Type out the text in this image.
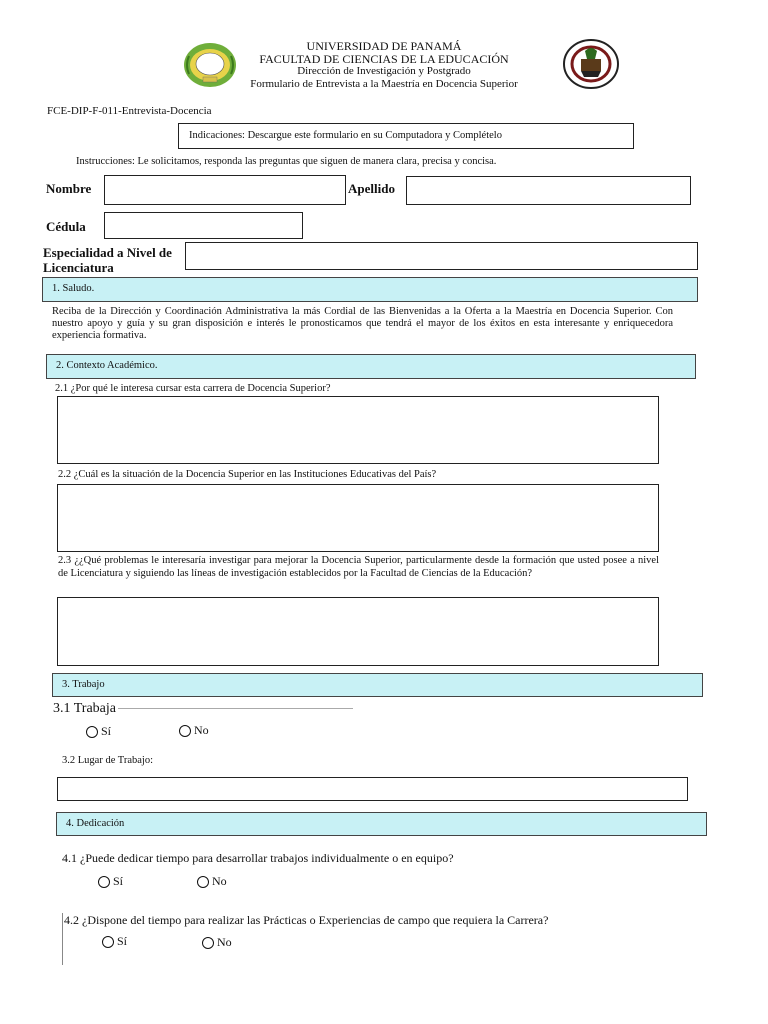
UNIVERSIDAD DE PANAMÁ
FACULTAD DE CIENCIAS DE LA EDUCACIÓN
Dirección de Investigación y Postgrado
Formulario de Entrevista a la Maestría en Docencia Superior
FCE-DIP-F-011-Entrevista-Docencia
Indicaciones: Descargue este formulario en su Computadora y Complételo
Instrucciones: Le solicitamos, responda las preguntas que siguen de manera clara, precisa y concisa.
Nombre	Apellido
Cédula
Especialidad a Nivel de Licenciatura
1. Saludo.
Reciba de la Dirección y Coordinación Administrativa la más Cordial de las Bienvenidas a la Oferta a la Maestría en Docencia Superior. Con nuestro apoyo y guía y su gran disposición e interés le pronosticamos que tendrá el mayor de los éxitos en esta interesante y enriquecedora experiencia formativa.
2. Contexto Académico.
2.1 ¿Por qué le interesa cursar esta carrera de Docencia Superior?
2.2 ¿Cuál es la situación de la Docencia Superior en las Instituciones Educativas del País?
2.3 ¿¿Qué problemas le interesaría investigar para mejorar la Docencia Superior, particularmente desde la formación que usted posee a nivel de Licenciatura y siguiendo las líneas de investigación establecidos por la Facultad de Ciencias de la Educación?
3. Trabajo
3.1 Trabaja
Sí	No
3.2 Lugar de Trabajo:
4. Dedicación
4.1 ¿Puede dedicar tiempo para desarrollar trabajos individualmente o en equipo?
Sí	No
4.2 ¿Dispone del tiempo para realizar las Prácticas o Experiencias de campo que requiera la Carrera?
Sí	No
